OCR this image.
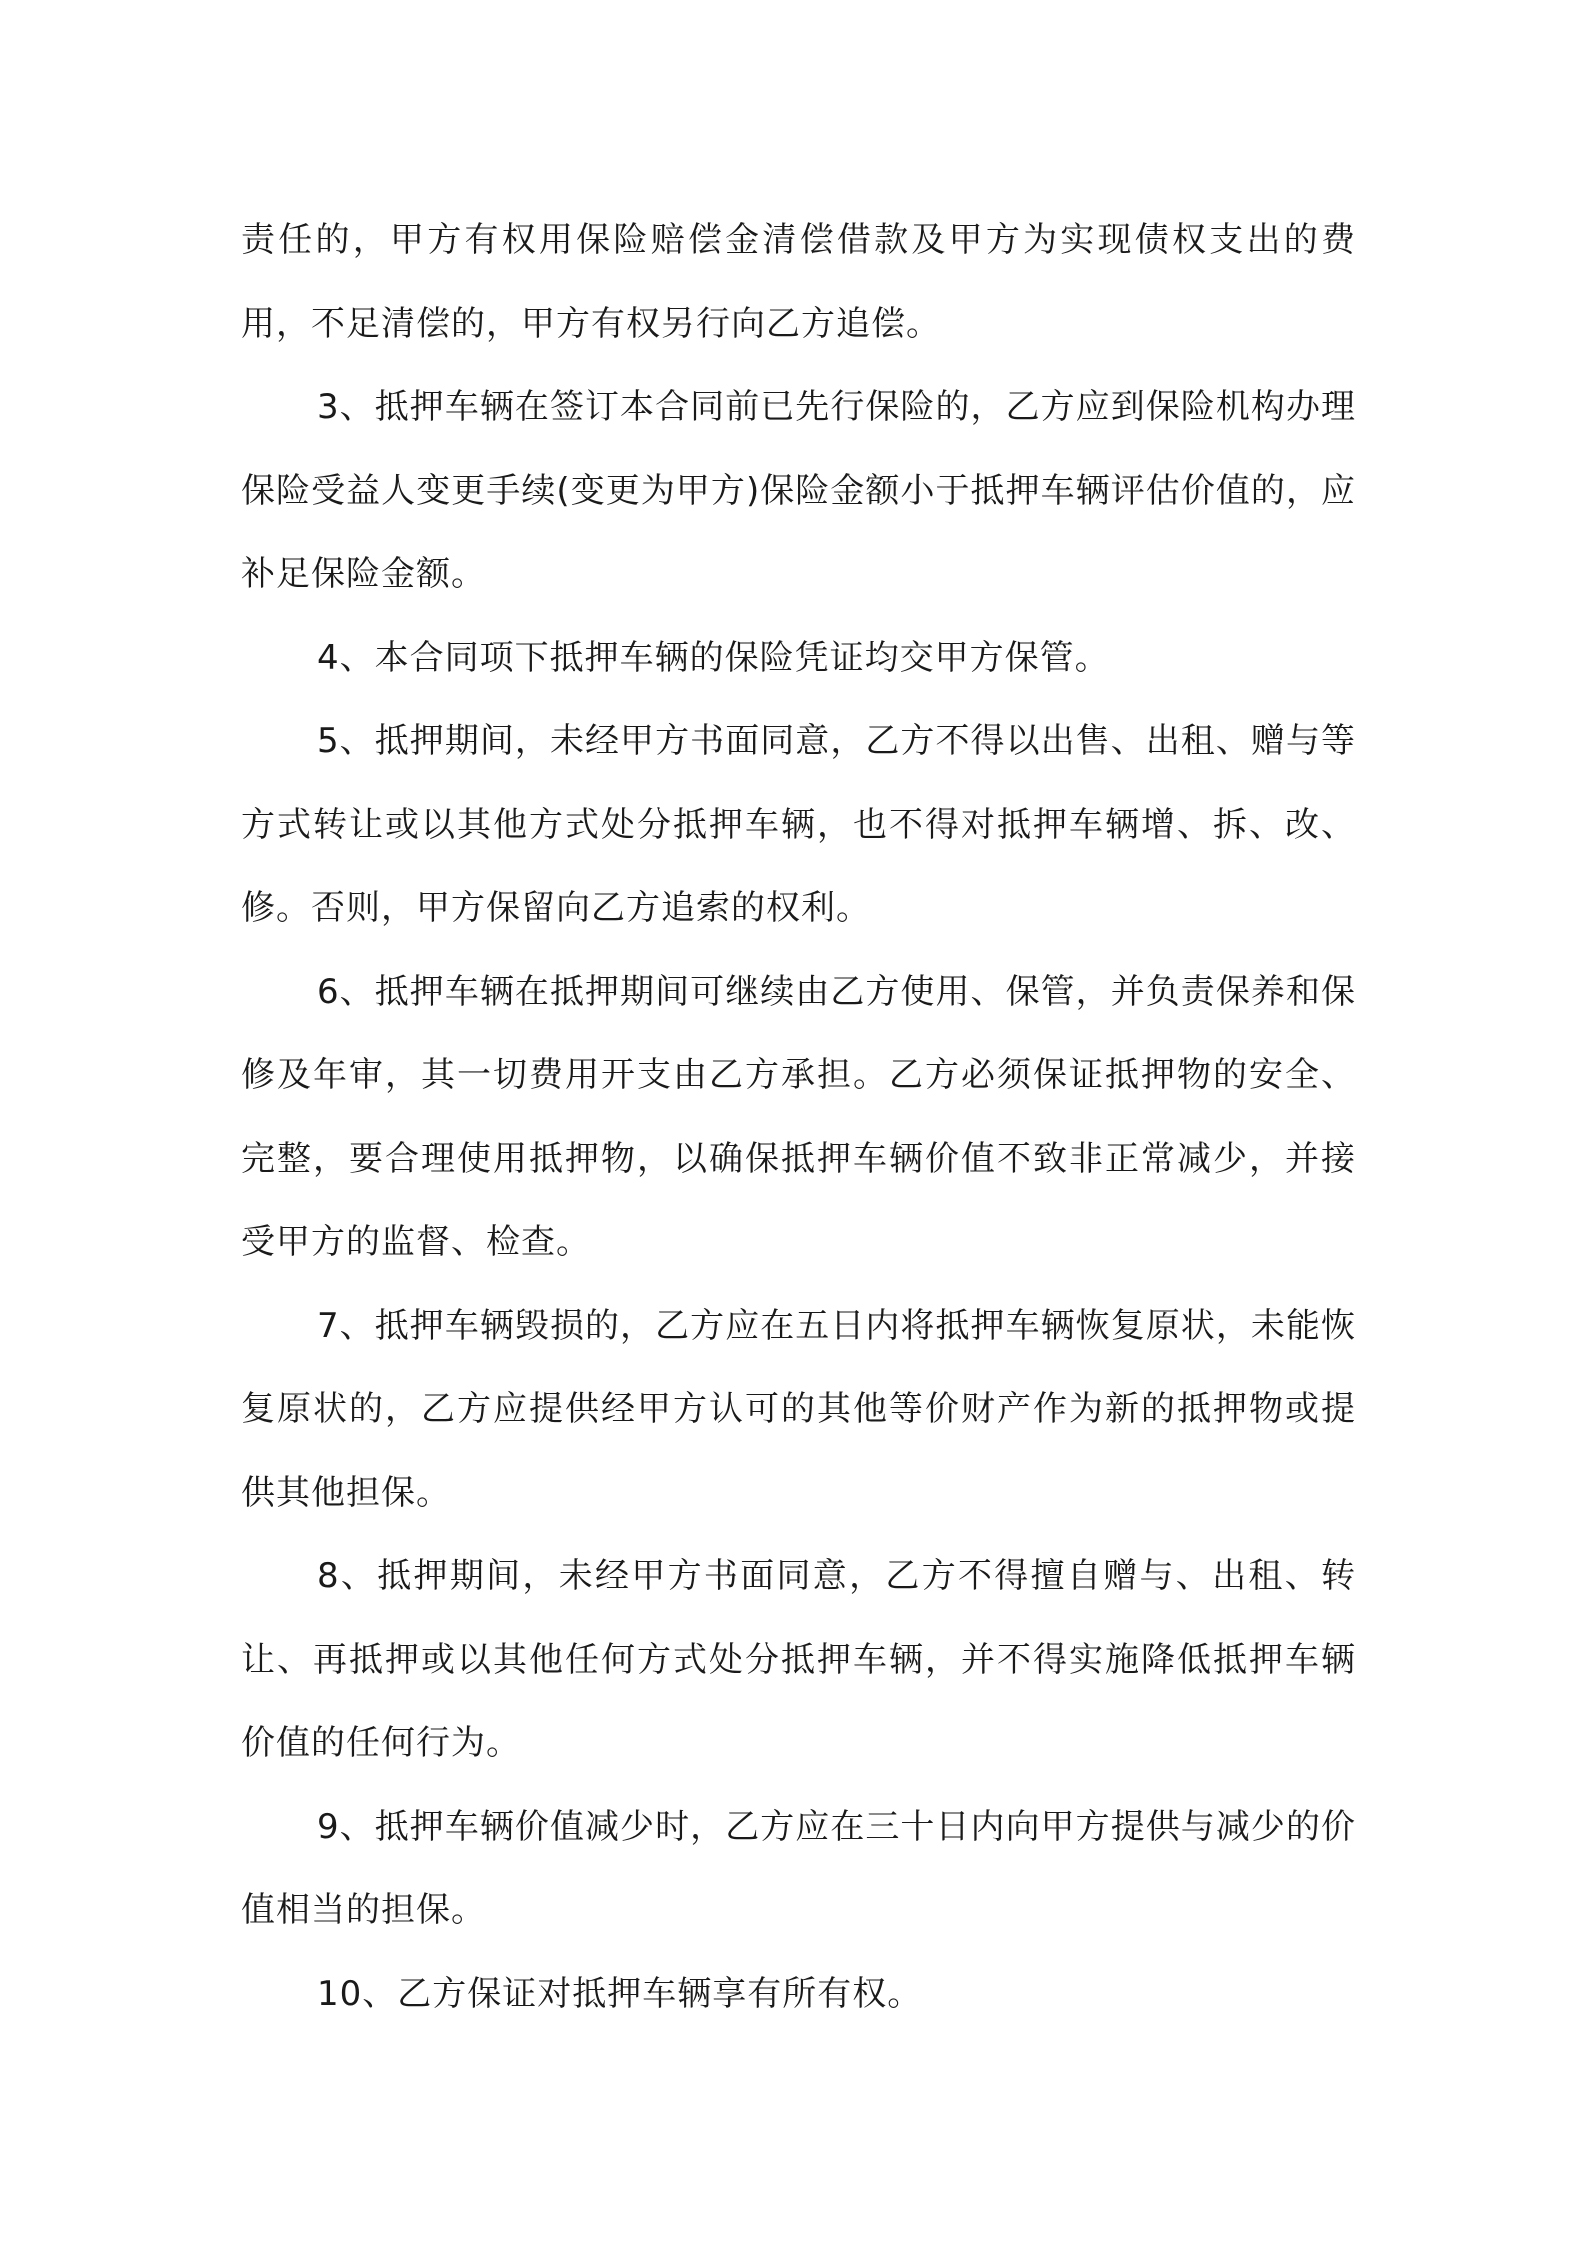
责任的，甲方有权用保险赔偿金清偿借款及甲方为实现债权支出的费用，不足清偿的，甲方有权另行向乙方追偿。

3、抵押车辆在签订本合同前已先行保险的，乙方应到保险机构办理保险受益人变更手续(变更为甲方)保险金额小于抵押车辆评估价值的，应补足保险金额。

4、本合同项下抵押车辆的保险凭证均交甲方保管。

5、抵押期间，未经甲方书面同意，乙方不得以出售、出租、赠与等方式转让或以其他方式处分抵押车辆，也不得对抵押车辆增、拆、改、修。否则，甲方保留向乙方追索的权利。

6、抵押车辆在抵押期间可继续由乙方使用、保管，并负责保养和保修及年审，其一切费用开支由乙方承担。乙方必须保证抵押物的安全、完整，要合理使用抵押物，以确保抵押车辆价值不致非正常减少，并接受甲方的监督、检查。

7、抵押车辆毁损的，乙方应在五日内将抵押车辆恢复原状，未能恢复原状的，乙方应提供经甲方认可的其他等价财产作为新的抵押物或提供其他担保。

8、抵押期间，未经甲方书面同意，乙方不得擅自赠与、出租、转让、再抵押或以其他任何方式处分抵押车辆，并不得实施降低抵押车辆价值的任何行为。

9、抵押车辆价值减少时，乙方应在三十日内向甲方提供与减少的价值相当的担保。

10、乙方保证对抵押车辆享有所有权。
